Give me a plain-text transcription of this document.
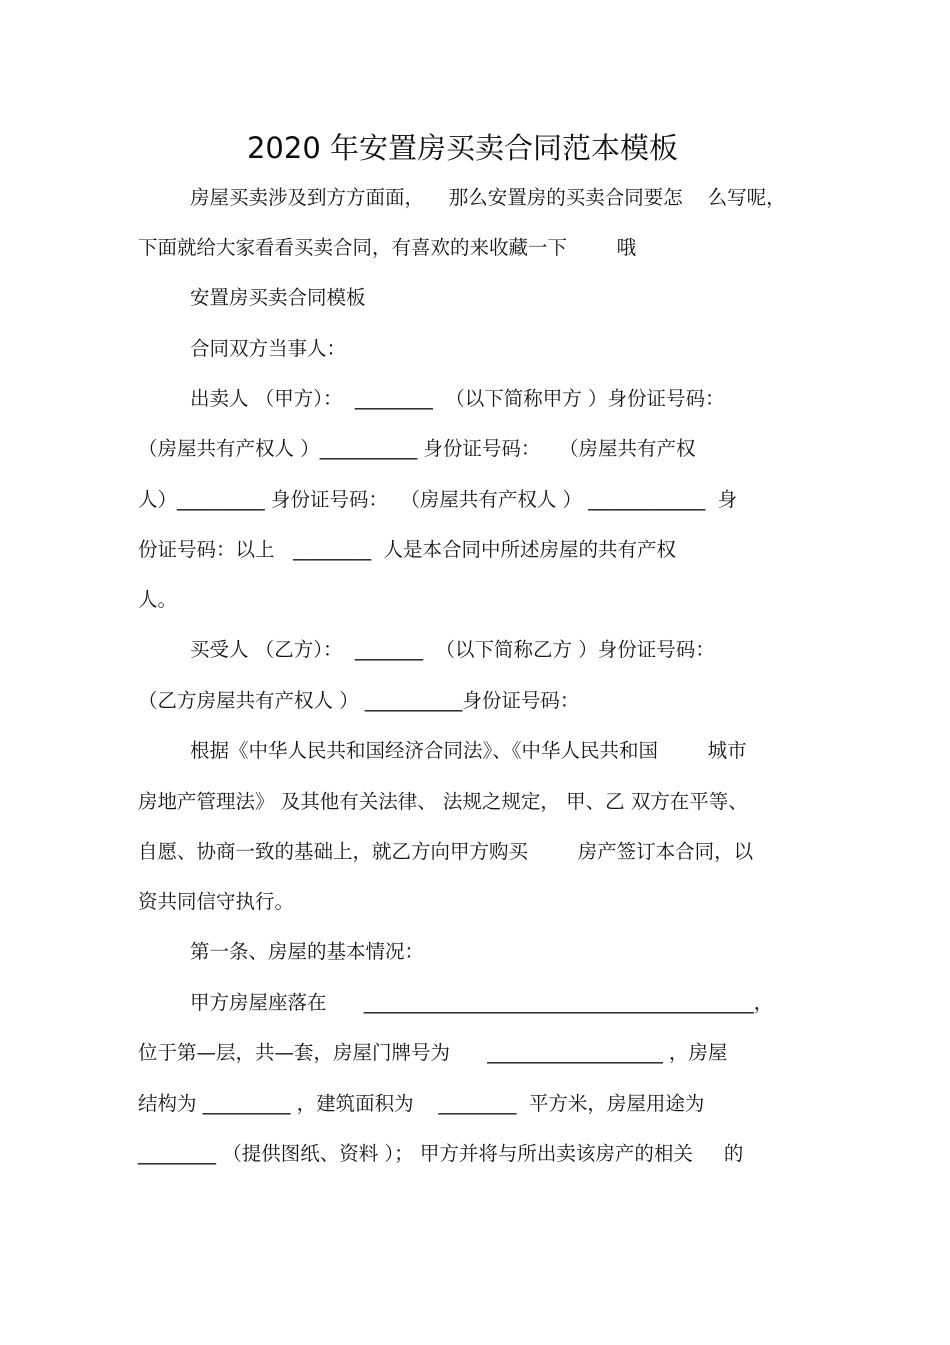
2020 年安置房买卖合同范本模板
房屋买卖涉及到方方面面，    那么安置房的买卖合同要怎    么写呢，
下面就给大家看看买卖合同，有喜欢的来收藏一下        哦
安置房买卖合同模板
合同双方当事人：
出卖人 （甲方）：  ________  （以下简称甲方 ）身份证号码：
（房屋共有产权人 ）__________ 身份证号码：   （房屋共有产权
人）_________ 身份证号码：  （房屋共有产权人 ） ____________  身
份证号码：以上   ________  人是本合同中所述房屋的共有产权
人。
买受人 （乙方）：  _______  （以下简称乙方 ）身份证号码：
（乙方房屋共有产权人 ） __________身份证号码：
根据《中华人民共和国经济合同法》、《中华人民共和国        城市
房地产管理法》 及其他有关法律、 法规之规定， 甲、乙 双方在平等、
自愿、协商一致的基础上，就乙方向甲方购买        房产签订本合同，以
资共同信守执行。
第一条、房屋的基本情况：
甲方房屋座落在      ________________________________________，
位于第—层，共—套，房屋门牌号为      __________________ ，房屋
结构为 _________ ，建筑面积为    ________  平方米，房屋用途为
________ （提供图纸、资料 ）； 甲方并将与所出卖该房产的相关     的
